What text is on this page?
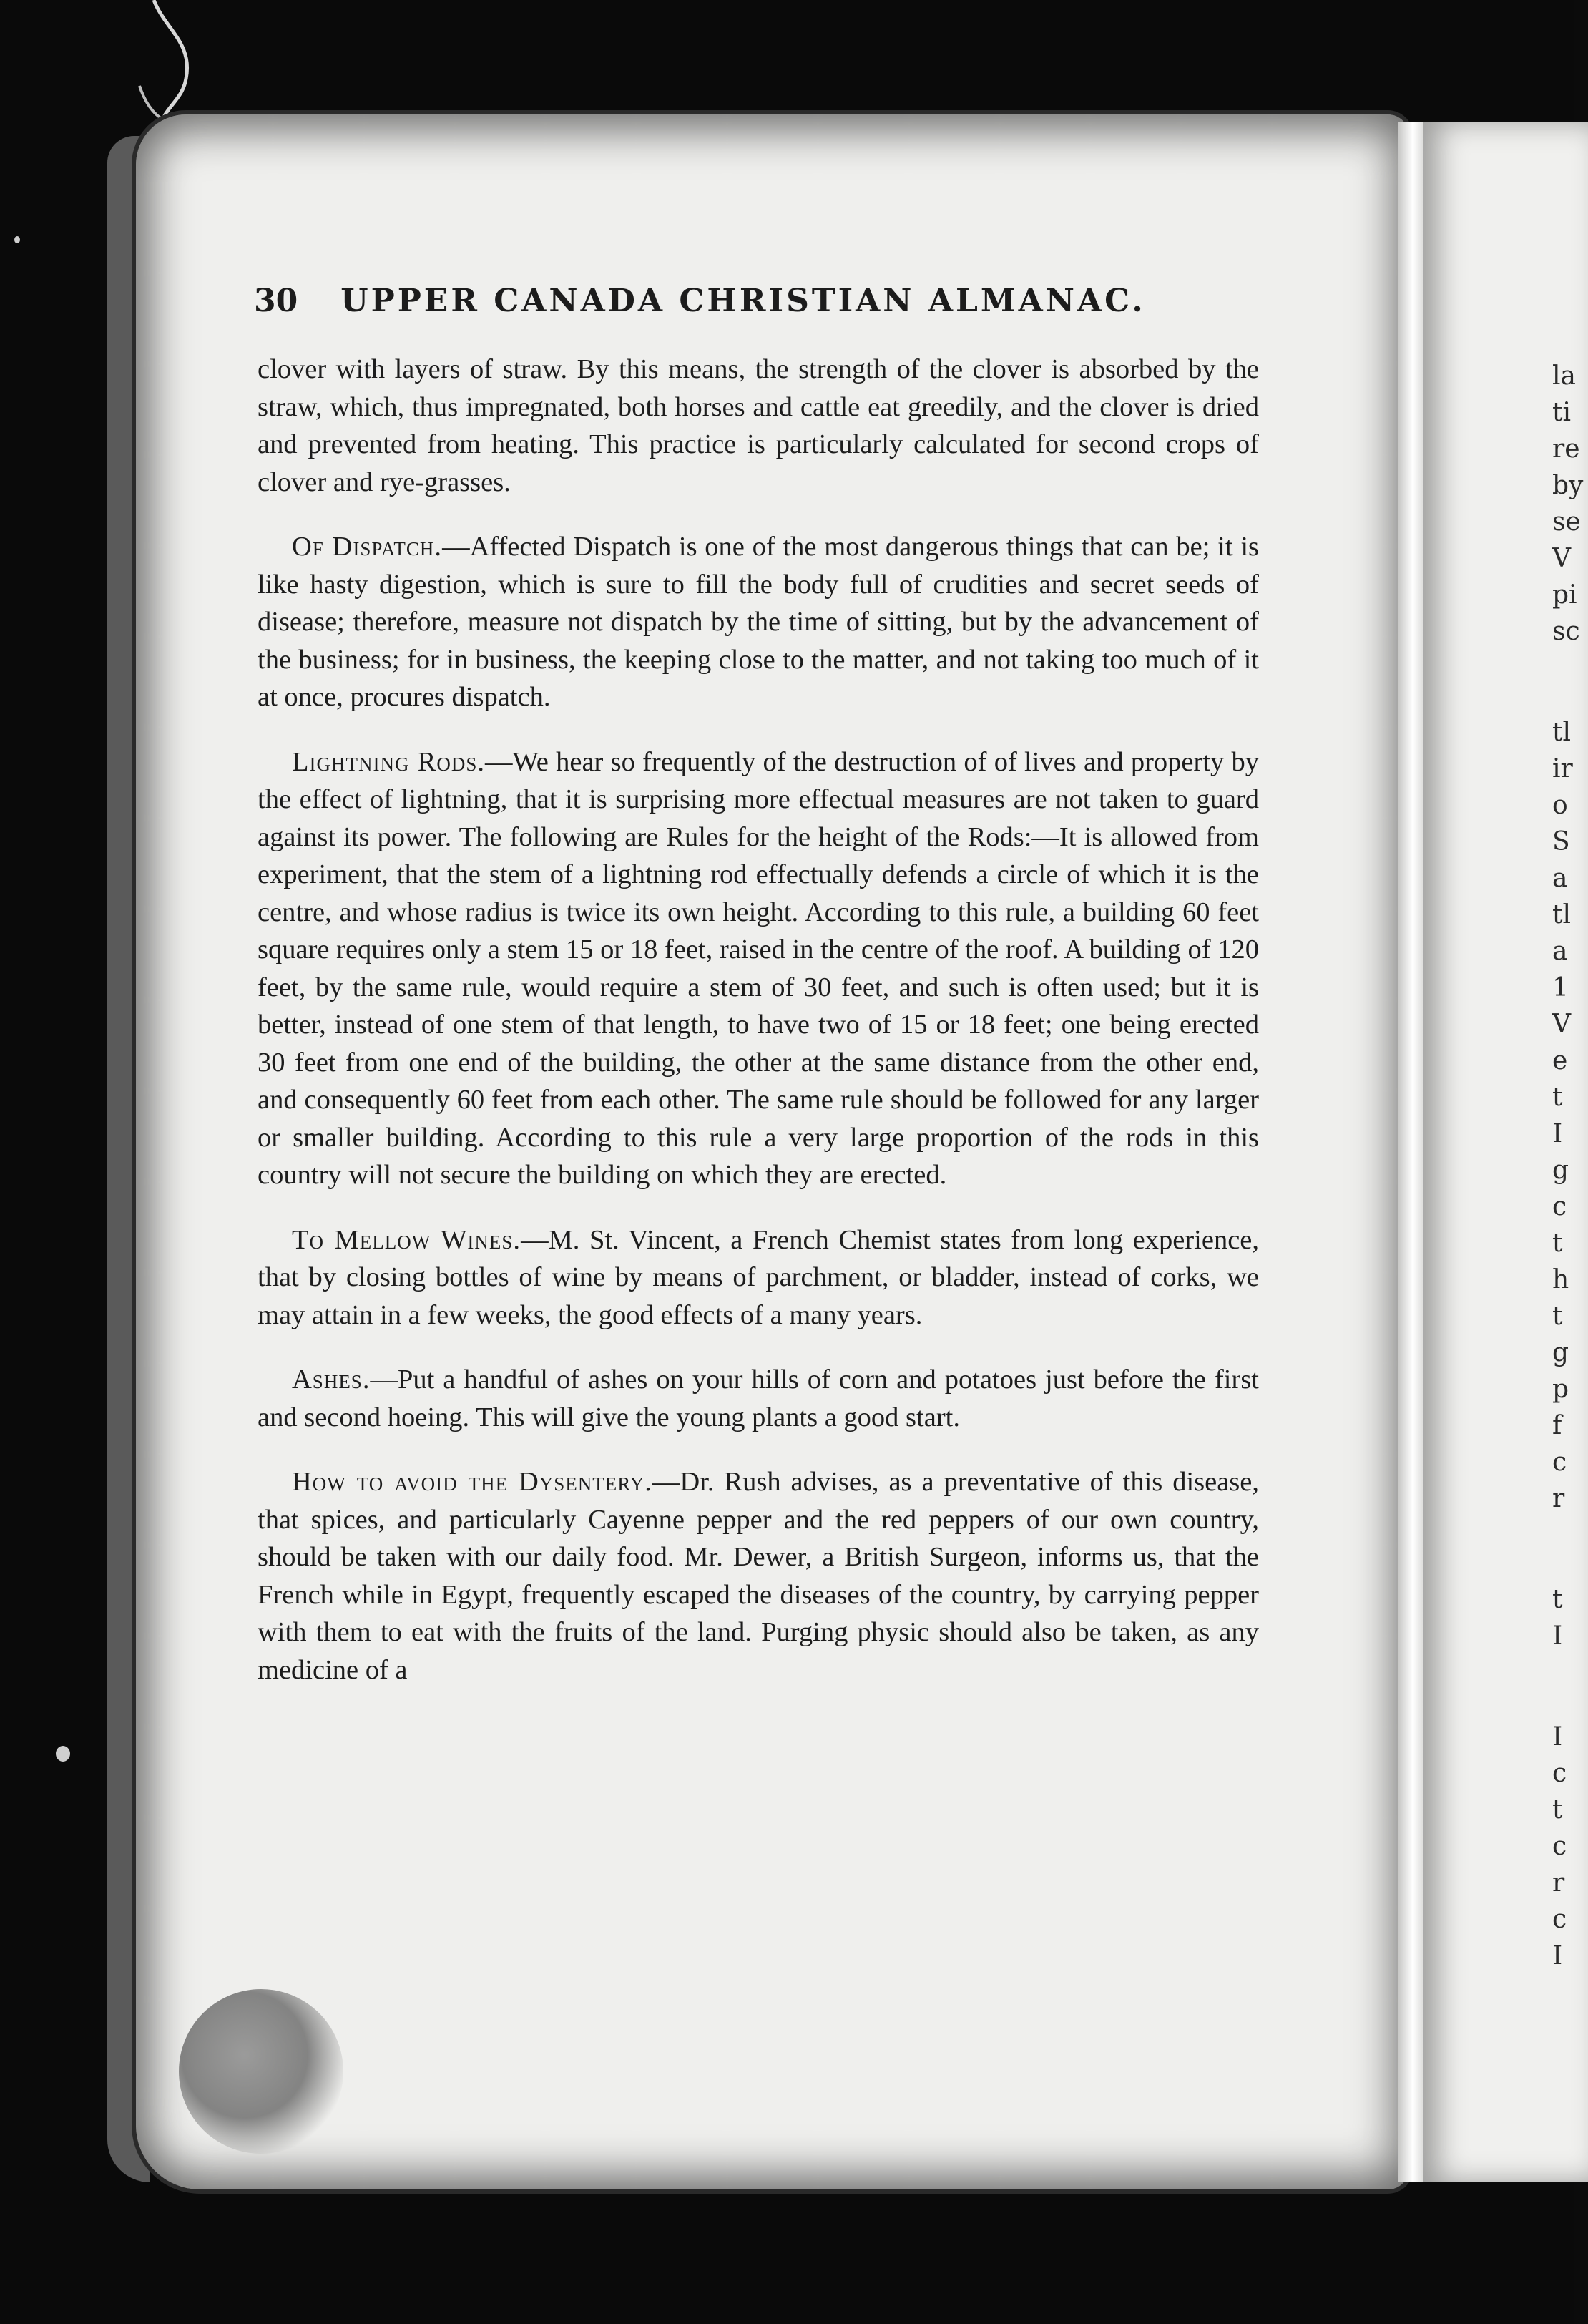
30 UPPER CANADA CHRISTIAN ALMANAC.

clover with layers of straw. By this means, the strength of the clover is absorbed by the straw, which, thus impregnated, both horses and cattle eat greedily, and the clover is dried and prevented from heating. This practice is particularly calculated for second crops of clover and rye-grasses.

Of Dispatch.—Affected Dispatch is one of the most dangerous things that can be; it is like hasty digestion, which is sure to fill the body full of crudities and secret seeds of disease; therefore, measure not dispatch by the time of sitting, but by the advancement of the business; for in business, the keeping close to the matter, and not taking too much of it at once, procures dispatch.

Lightning Rods.—We hear so frequently of the destruction of of lives and property by the effect of lightning, that it is surprising more effectual measures are not taken to guard against its power. The following are Rules for the height of the Rods:—It is allowed from experiment, that the stem of a lightning rod effectually defends a circle of which it is the centre, and whose radius is twice its own height. According to this rule, a building 60 feet square requires only a stem 15 or 18 feet, raised in the centre of the roof. A building of 120 feet, by the same rule, would require a stem of 30 feet, and such is often used; but it is better, instead of one stem of that length, to have two of 15 or 18 feet; one being erected 30 feet from one end of the building, the other at the same distance from the other end, and consequently 60 feet from each other. The same rule should be followed for any larger or smaller building. According to this rule a very large proportion of the rods in this country will not secure the building on which they are erected.

To Mellow Wines.—M. St. Vincent, a French Chemist states from long experience, that by closing bottles of wine by means of parchment, or bladder, instead of corks, we may attain in a few weeks, the good effects of a many years.

Ashes.—Put a handful of ashes on your hills of corn and potatoes just before the first and second hoeing. This will give the young plants a good start.

How to avoid the Dysentery.—Dr. Rush advises, as a preventative of this disease, that spices, and particularly Cayenne pepper and the red peppers of our own country, should be taken with our daily food. Mr. Dewer, a British Surgeon, informs us, that the French while in Egypt, frequently escaped the diseases of the country, by carrying pepper with them to eat with the fruits of the land. Purging physic should also be taken, as any medicine of a

la
ti
re
by
se
V
pi
sc
tl
ir
o
S
a
tl
a
1
V
e
t
I
g
c
t
h
t
g
p
f
c
r
t
I
I
c
t
c
r
c
I
